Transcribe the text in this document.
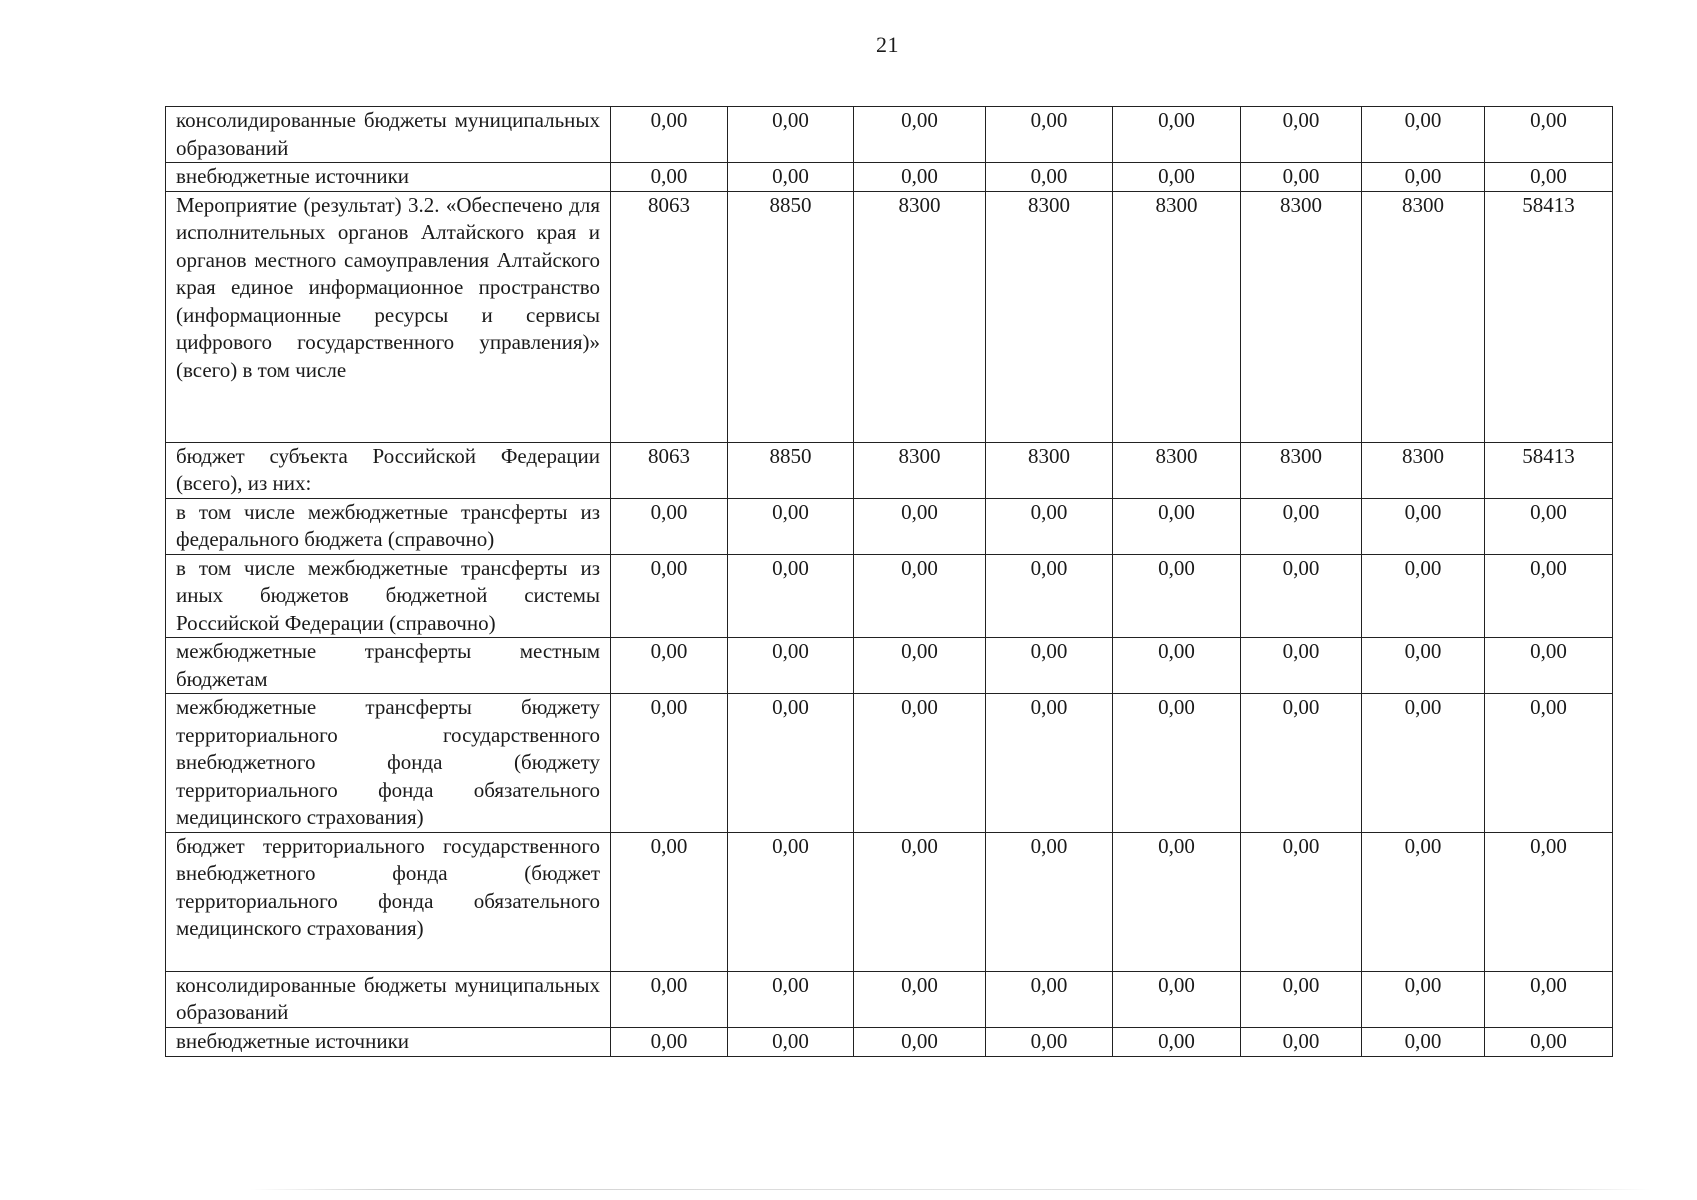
21
консолидированные бюджеты муниципальных образований	0,00	0,00	0,00	0,00	0,00	0,00	0,00	0,00
внебюджетные источники	0,00	0,00	0,00	0,00	0,00	0,00	0,00	0,00
Мероприятие (результат) 3.2. «Обеспечено для исполнительных органов Алтайского края и органов местного самоуправления Алтайского края единое информационное пространство (информационные ресурсы и сервисы цифрового государственного управления)» (всего) в том числе	8063	8850	8300	8300	8300	8300	8300	58413
бюджет субъекта Российской Федерации (всего), из них:	8063	8850	8300	8300	8300	8300	8300	58413
в том числе межбюджетные трансферты из федерального бюджета (справочно)	0,00	0,00	0,00	0,00	0,00	0,00	0,00	0,00
в том числе межбюджетные трансферты из иных бюджетов бюджетной системы Российской Федерации (справочно)	0,00	0,00	0,00	0,00	0,00	0,00	0,00	0,00
межбюджетные трансферты местным бюджетам	0,00	0,00	0,00	0,00	0,00	0,00	0,00	0,00
межбюджетные трансферты бюджету территориального государственного внебюджетного фонда (бюджету территориального фонда обязательного медицинского страхования)	0,00	0,00	0,00	0,00	0,00	0,00	0,00	0,00
бюджет территориального государственного внебюджетного фонда (бюджет территориального фонда обязательного медицинского страхования)	0,00	0,00	0,00	0,00	0,00	0,00	0,00	0,00
консолидированные бюджеты муниципальных образований	0,00	0,00	0,00	0,00	0,00	0,00	0,00	0,00
внебюджетные источники	0,00	0,00	0,00	0,00	0,00	0,00	0,00	0,00
